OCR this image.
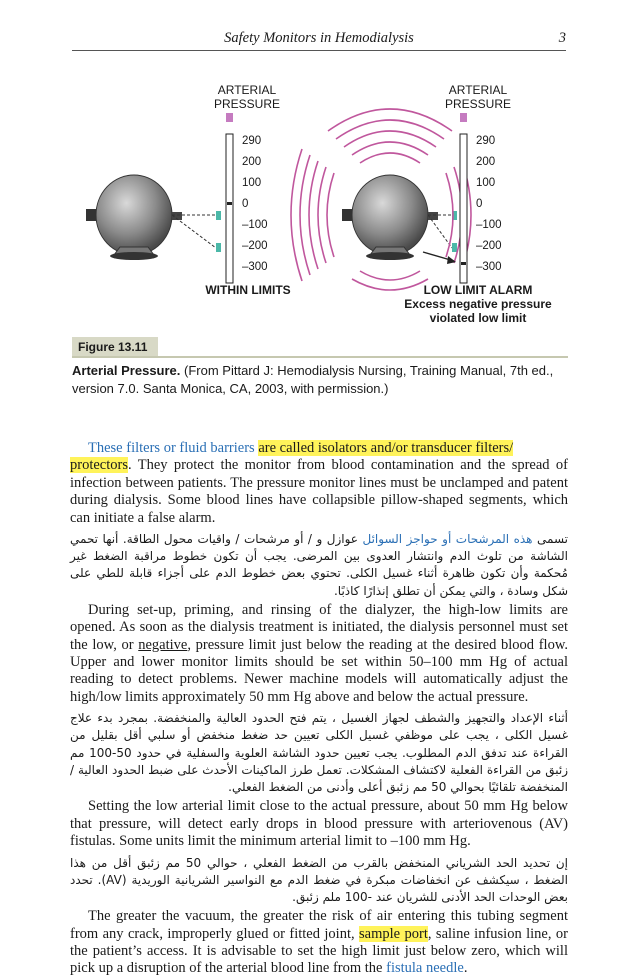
Safety Monitors in Hemodialysis	3
ARTERIAL
PRESSURE
290
200
100
0
–100
–200
–300
WITHIN LIMITS
ARTERIAL
PRESSURE
290
200
100
0
–100
–200
–300
LOW LIMIT ALARM
Excess negative pressure
violated low limit
Figure 13.11
Arterial Pressure. (From Pittard J: Hemodialysis Nursing, Training Manual, 7th ed., version 7.0. Santa Monica, CA, 2003, with permission.)

These filters or fluid barriers are called isolators and/or transducer filters/
protectors. They protect the monitor from blood contamination and the spread of infection between patients. The pressure monitor lines must be unclamped and patent during dialysis. Some blood lines have collapsible pillow-shaped segments, which can initiate a false alarm.

تسمى هذه المرشحات أو حواجز السوائل عوازل و / أو مرشحات / واقيات محول الطاقة. أنها تحمي الشاشة من تلوث الدم وانتشار العدوى بين المرضى. يجب أن تكون خطوط مراقبة الضغط غير مُحكمة وأن تكون ظاهرة أثناء غسيل الكلى. تحتوي بعض خطوط الدم على أجزاء قابلة للطي على شكل وسادة ، والتي يمكن أن تطلق إنذارًا كاذبًا.

During set-up, priming, and rinsing of the dialyzer, the high-low limits are opened. As soon as the dialysis treatment is initiated, the dialysis personnel must set the low, or negative, pressure limit just below the reading at the desired blood flow. Upper and lower monitor limits should be set within 50–100 mm Hg of actual reading to detect problems. Newer machine models will automatically adjust the high/low limits approximately 50 mm Hg above and below the actual pressure.

أثناء الإعداد والتجهيز والشطف لجهاز الغسيل ، يتم فتح الحدود العالية والمنخفضة. بمجرد بدء علاج غسيل الكلى ، يجب على موظفي غسيل الكلى تعيين حد ضغط منخفض أو سلبي أقل بقليل من القراءة عند تدفق الدم المطلوب. يجب تعيين حدود الشاشة العلوية والسفلية في حدود 50-100 مم زئبق من القراءة الفعلية لاكتشاف المشكلات. تعمل طرز الماكينات الأحدث على ضبط الحدود العالية / المنخفضة تلقائيًا بحوالي 50 مم زئبق أعلى وأدنى من الضغط الفعلي.

Setting the low arterial limit close to the actual pressure, about 50 mm Hg below that pressure, will detect early drops in blood pressure with arteriovenous (AV) fistulas. Some units limit the minimum arterial limit to –100 mm Hg.

إن تحديد الحد الشرياني المنخفض بالقرب من الضغط الفعلي ، حوالي 50 مم زئبق أقل من هذا الضغط ، سيكشف عن انخفاضات مبكرة في ضغط الدم مع النواسير الشريانية الوريدية (AV). تحدد بعض الوحدات الحد الأدنى للشريان عند -100 ملم زئبق.

The greater the vacuum, the greater the risk of air entering this tubing segment from any crack, improperly glued or fitted joint, sample port, saline infusion line, or the patient’s access. It is advisable to set the high limit just below zero, which will pick up a disruption of the arterial blood line from the fistula needle.
